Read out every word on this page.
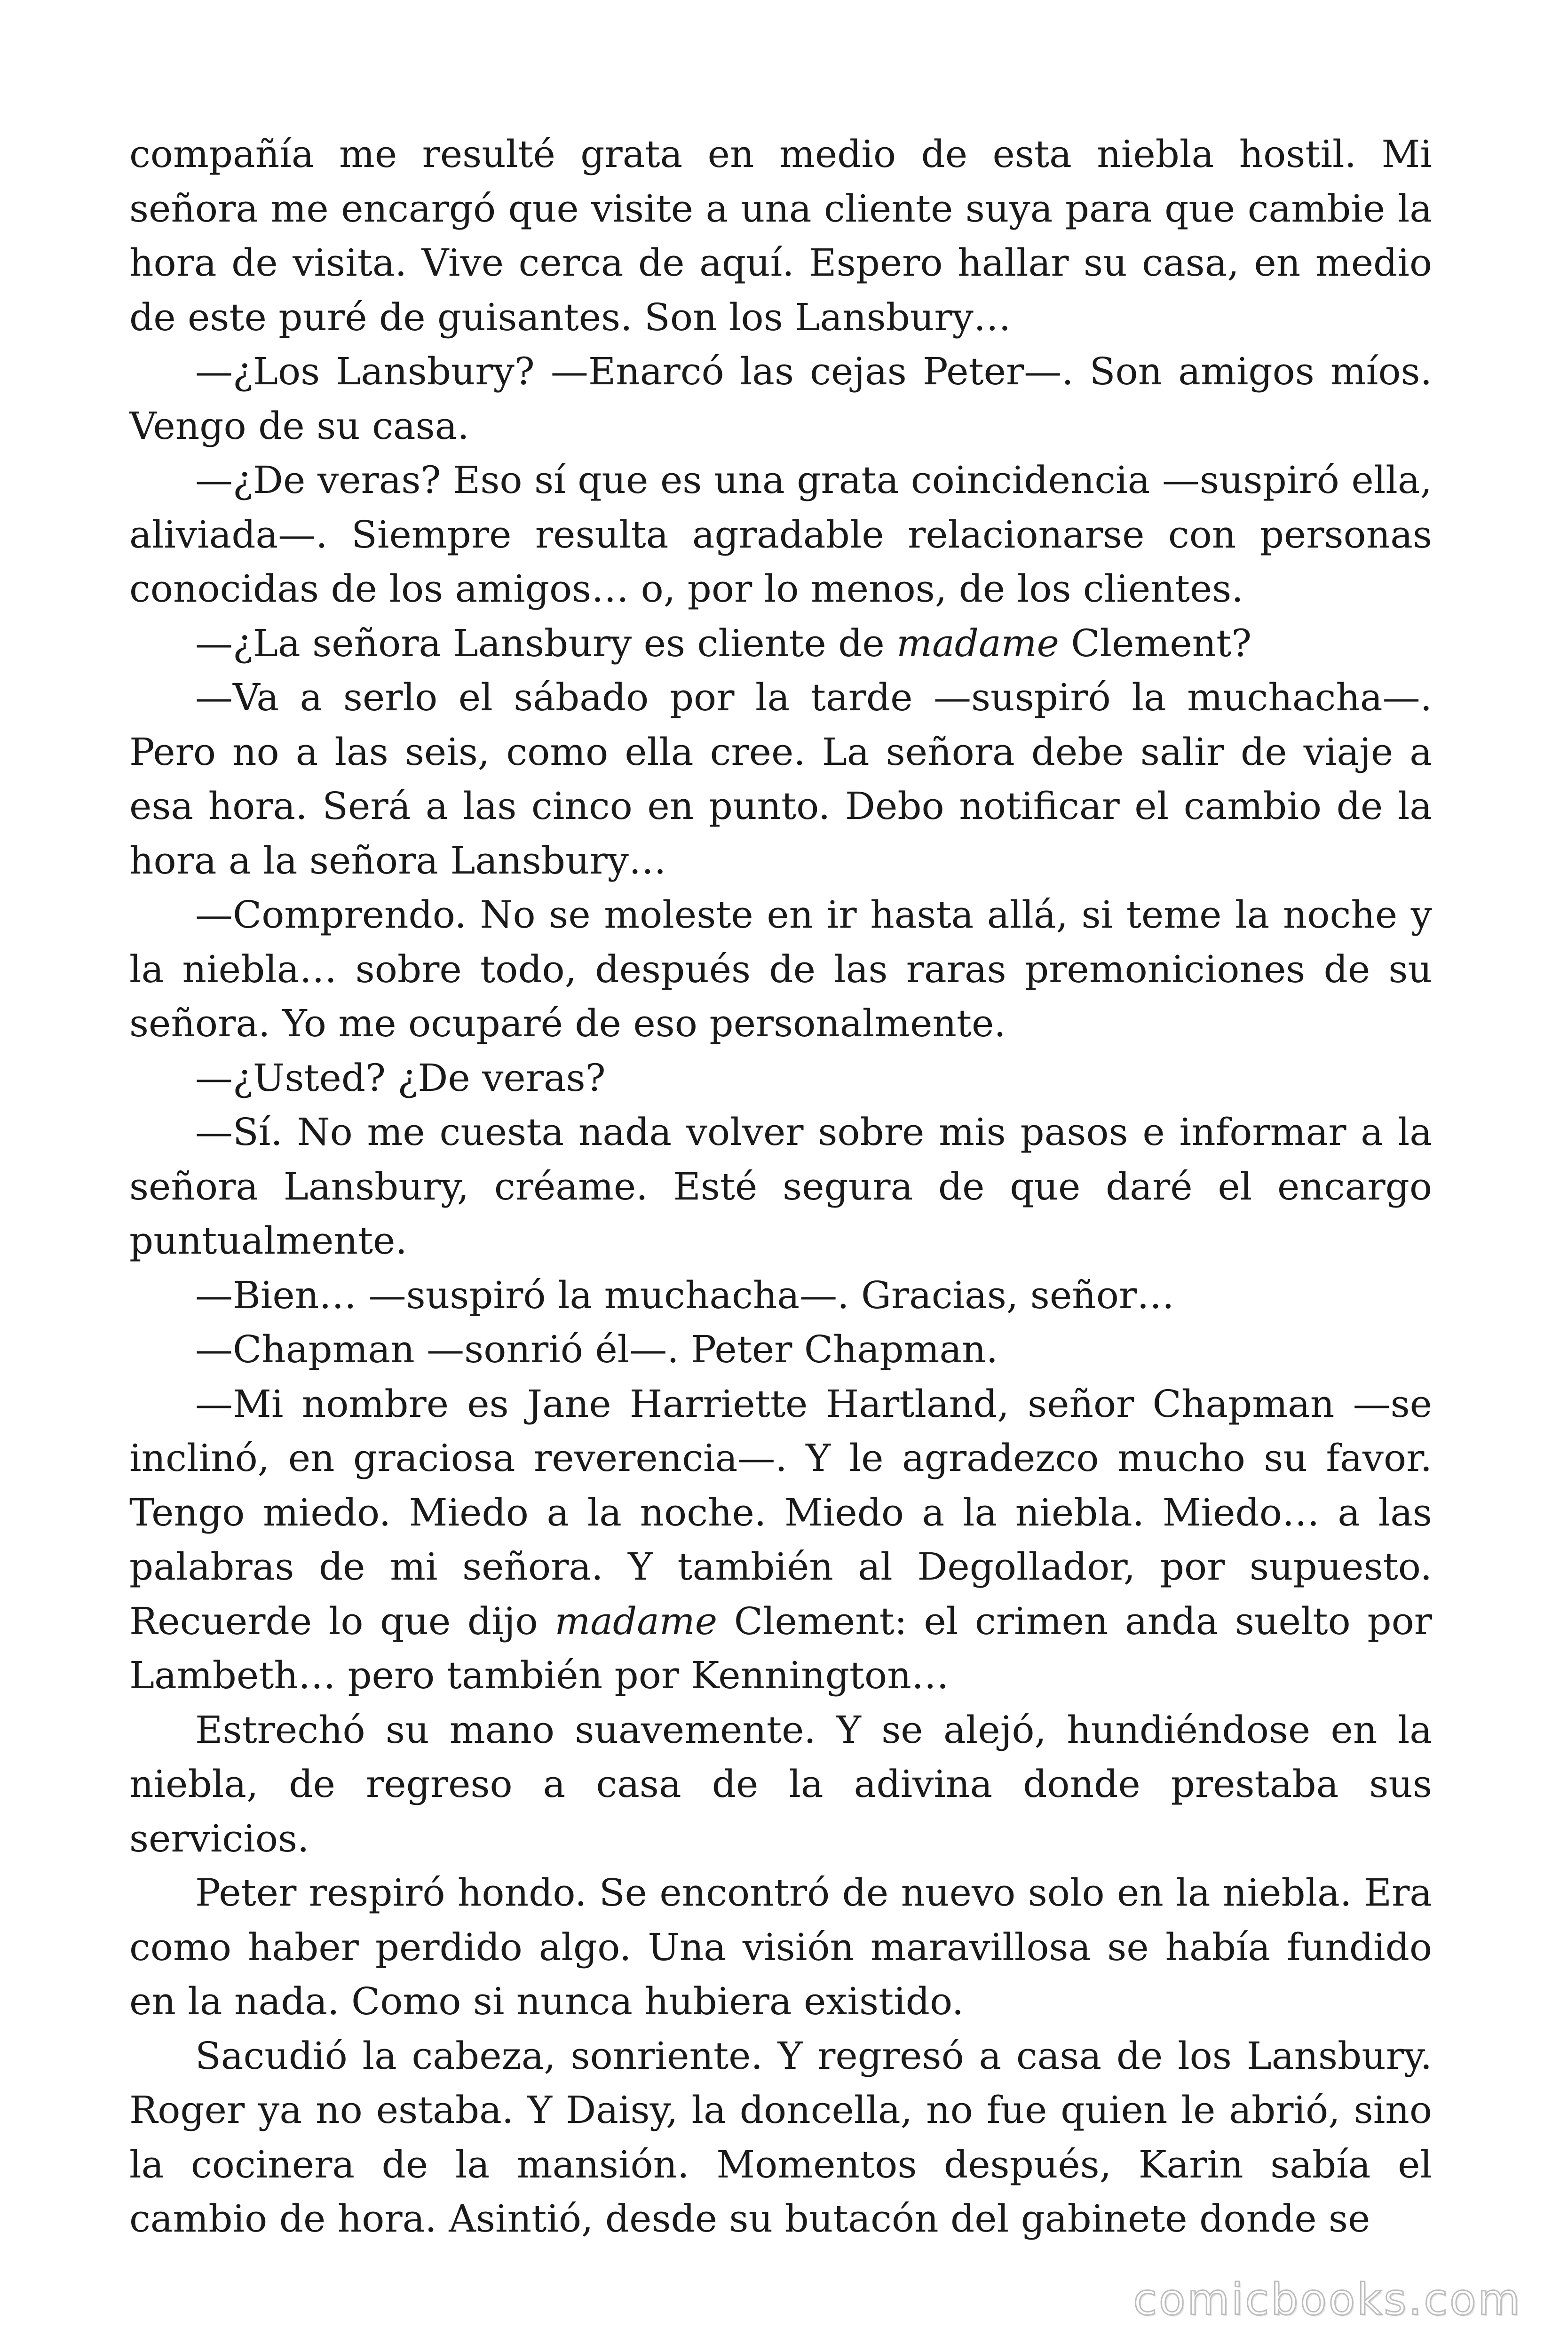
compañía me resulté grata en medio de esta niebla hostil. Mi señora me encargó que visite a una cliente suya para que cambie la hora de visita. Vive cerca de aquí. Espero hallar su casa, en medio de este puré de guisantes. Son los Lansbury…

—¿Los Lansbury? —Enarcó las cejas Peter—. Son amigos míos. Vengo de su casa.

—¿De veras? Eso sí que es una grata coincidencia —suspiró ella, aliviada—. Siempre resulta agradable relacionarse con personas conocidas de los amigos… o, por lo menos, de los clientes.

—¿La señora Lansbury es cliente de madame Clement?

—Va a serlo el sábado por la tarde —suspiró la muchacha—. Pero no a las seis, como ella cree. La señora debe salir de viaje a esa hora. Será a las cinco en punto. Debo notificar el cambio de la hora a la señora Lansbury…

—Comprendo. No se moleste en ir hasta allá, si teme la noche y la niebla… sobre todo, después de las raras premoniciones de su señora. Yo me ocuparé de eso personalmente.

—¿Usted? ¿De veras?

—Sí. No me cuesta nada volver sobre mis pasos e informar a la señora Lansbury, créame. Esté segura de que daré el encargo puntualmente.

—Bien… —suspiró la muchacha—. Gracias, señor…

—Chapman —sonrió él—. Peter Chapman.

—Mi nombre es Jane Harriette Hartland, señor Chapman —se inclinó, en graciosa reverencia—. Y le agradezco mucho su favor. Tengo miedo. Miedo a la noche. Miedo a la niebla. Miedo… a las palabras de mi señora. Y también al Degollador, por supuesto. Recuerde lo que dijo madame Clement: el crimen anda suelto por Lambeth… pero también por Kennington…

Estrechó su mano suavemente. Y se alejó, hundiéndose en la niebla, de regreso a casa de la adivina donde prestaba sus servicios.

Peter respiró hondo. Se encontró de nuevo solo en la niebla. Era como haber perdido algo. Una visión maravillosa se había fundido en la nada. Como si nunca hubiera existido.

Sacudió la cabeza, sonriente. Y regresó a casa de los Lansbury. Roger ya no estaba. Y Daisy, la doncella, no fue quien le abrió, sino la cocinera de la mansión. Momentos después, Karin sabía el cambio de hora. Asintió, desde su butacón del gabinete donde se

comicbooks.com
